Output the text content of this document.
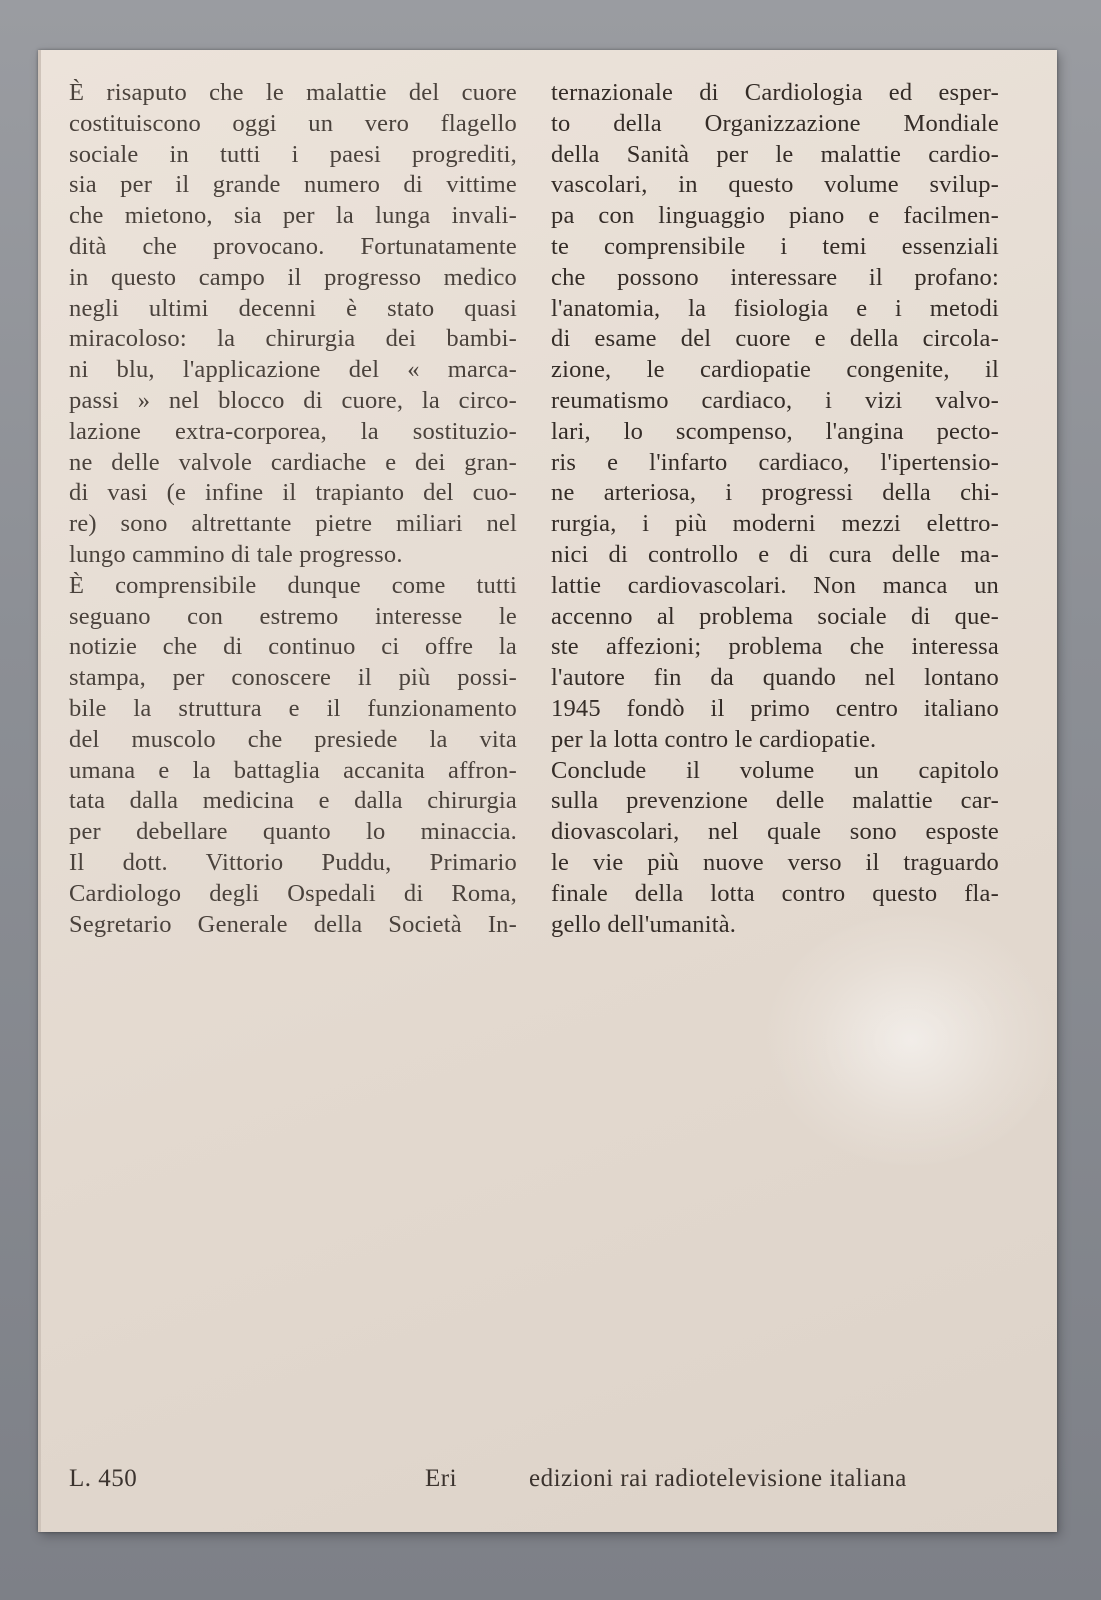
È risaputo che le malattie del cuore
costituiscono oggi un vero flagello
sociale in tutti i paesi progrediti,
sia per il grande numero di vittime
che mietono, sia per la lunga invali-
dità che provocano. Fortunatamente
in questo campo il progresso medico
negli ultimi decenni è stato quasi
miracoloso: la chirurgia dei bambi-
ni blu, l'applicazione del « marca-
passi » nel blocco di cuore, la circo-
lazione extra-corporea, la sostituzio-
ne delle valvole cardiache e dei gran-
di vasi (e infine il trapianto del cuo-
re) sono altrettante pietre miliari nel
lungo cammino di tale progresso.
È comprensibile dunque come tutti
seguano con estremo interesse le
notizie che di continuo ci offre la
stampa, per conoscere il più possi-
bile la struttura e il funzionamento
del muscolo che presiede la vita
umana e la battaglia accanita affron-
tata dalla medicina e dalla chirurgia
per debellare quanto lo minaccia.
Il dott. Vittorio Puddu, Primario
Cardiologo degli Ospedali di Roma,
Segretario Generale della Società In-
ternazionale di Cardiologia ed esper-
to della Organizzazione Mondiale
della Sanità per le malattie cardio-
vascolari, in questo volume svilup-
pa con linguaggio piano e facilmen-
te comprensibile i temi essenziali
che possono interessare il profano:
l'anatomia, la fisiologia e i metodi
di esame del cuore e della circola-
zione, le cardiopatie congenite, il
reumatismo cardiaco, i vizi valvo-
lari, lo scompenso, l'angina pecto-
ris e l'infarto cardiaco, l'ipertensio-
ne arteriosa, i progressi della chi-
rurgia, i più moderni mezzi elettro-
nici di controllo e di cura delle ma-
lattie cardiovascolari. Non manca un
accenno al problema sociale di que-
ste affezioni; problema che interessa
l'autore fin da quando nel lontano
1945 fondò il primo centro italiano
per la lotta contro le cardiopatie.
Conclude il volume un capitolo
sulla prevenzione delle malattie car-
diovascolari, nel quale sono esposte
le vie più nuove verso il traguardo
finale della lotta contro questo fla-
gello dell'umanità.
L. 450	Eri	edizioni rai radiotelevisione italiana
